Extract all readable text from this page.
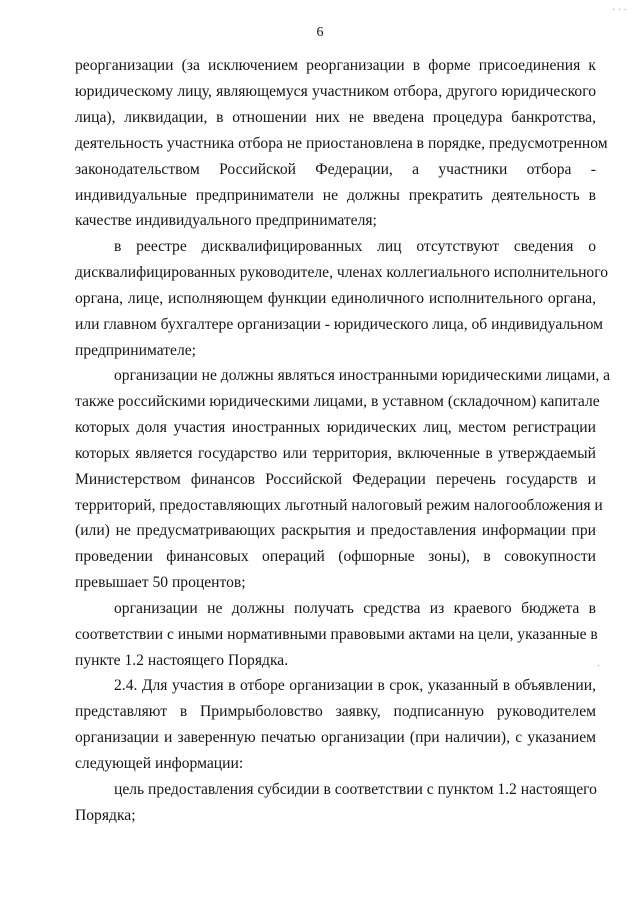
6
· · ·
·
реорганизации (за исключением реорганизации в форме присоединения к
юридическому лицу, являющемуся участником отбора, другого юридического
лица), ликвидации, в отношении них не введена процедура банкротства,
деятельность участника отбора не приостановлена в порядке, предусмотренном
законодательством Российской Федерации, а участники отбора -
индивидуальные предприниматели не должны прекратить деятельность в
качестве индивидуального предпринимателя;
в реестре дисквалифицированных лиц отсутствуют сведения о
дисквалифицированных руководителе, членах коллегиального исполнительного
органа, лице, исполняющем функции единоличного исполнительного органа,
или главном бухгалтере организации - юридического лица, об индивидуальном
предпринимателе;
организации не должны являться иностранными юридическими лицами, а
также российскими юридическими лицами, в уставном (складочном) капитале
которых доля участия иностранных юридических лиц, местом регистрации
которых является государство или территория, включенные в утверждаемый
Министерством финансов Российской Федерации перечень государств и
территорий, предоставляющих льготный налоговый режим налогообложения и
(или) не предусматривающих раскрытия и предоставления информации при
проведении финансовых операций (офшорные зоны), в совокупности
превышает 50 процентов;
организации не должны получать средства из краевого бюджета в
соответствии с иными нормативными правовыми актами на цели, указанные в
пункте 1.2 настоящего Порядка.
2.4. Для участия в отборе организации в срок, указанный в объявлении,
представляют в Примрыболовство заявку, подписанную руководителем
организации и заверенную печатью организации (при наличии), с указанием
следующей информации:
цель предоставления субсидии в соответствии с пунктом 1.2 настоящего
Порядка;
